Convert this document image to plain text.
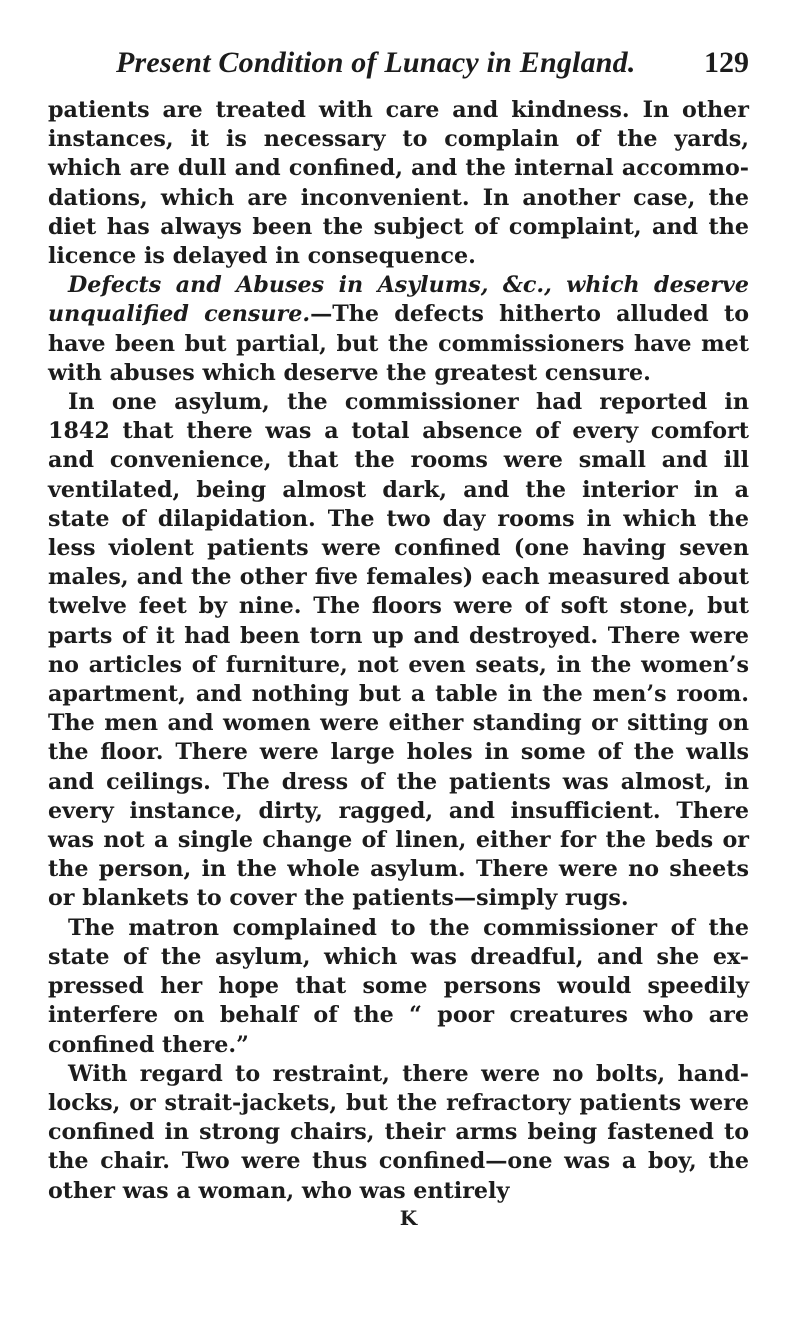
Present Condition of Lunacy in England. 129

patients are treated with care and kindness. In other instances, it is necessary to complain of the yards, which are dull and confined, and the internal accommo-dations, which are inconvenient. In another case, the diet has always been the subject of complaint, and the licence is delayed in consequence.

Defects and Abuses in Asylums, &c., which deserve unqualified censure.—The defects hitherto alluded to have been but partial, but the commissioners have met with abuses which deserve the greatest censure.

In one asylum, the commissioner had reported in 1842 that there was a total absence of every comfort and convenience, that the rooms were small and ill ventilated, being almost dark, and the interior in a state of dilapidation. The two day rooms in which the less violent patients were confined (one having seven males, and the other five females) each measured about twelve feet by nine. The floors were of soft stone, but parts of it had been torn up and destroyed. There were no articles of furniture, not even seats, in the women’s apartment, and nothing but a table in the men’s room. The men and women were either standing or sitting on the floor. There were large holes in some of the walls and ceilings. The dress of the patients was almost, in every instance, dirty, ragged, and insufficient. There was not a single change of linen, either for the beds or the person, in the whole asylum. There were no sheets or blankets to cover the patients—simply rugs.

The matron complained to the commissioner of the state of the asylum, which was dreadful, and she ex-pressed her hope that some persons would speedily interfere on behalf of the “ poor creatures who are confined there.”

With regard to restraint, there were no bolts, hand-locks, or strait-jackets, but the refractory patients were confined in strong chairs, their arms being fastened to the chair. Two were thus confined—one was a boy, the other was a woman, who was entirely

K
